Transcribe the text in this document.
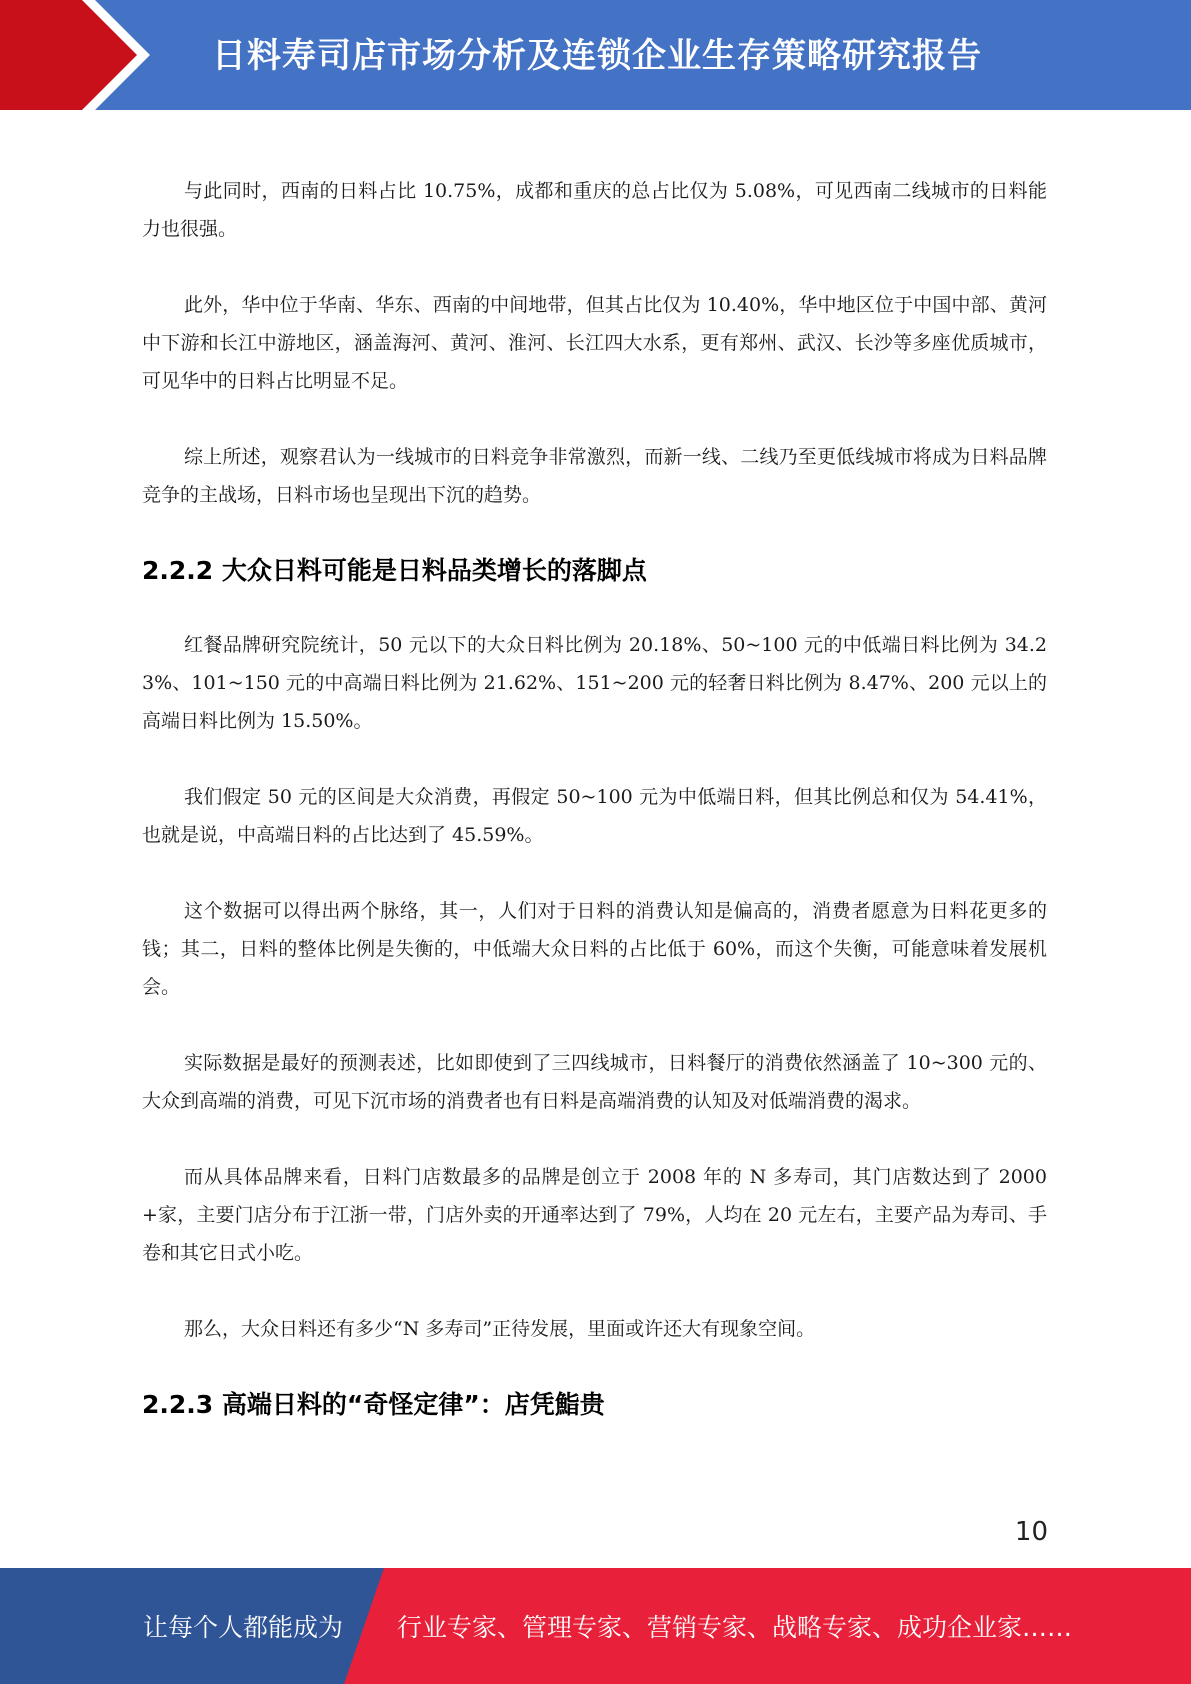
日料寿司店市场分析及连锁企业生存策略研究报告

与此同时，西南的日料占比 10.75%，成都和重庆的总占比仅为 5.08%，可见西南二线城市的日料能力也很强。

此外，华中位于华南、华东、西南的中间地带，但其占比仅为 10.40%，华中地区位于中国中部、黄河中下游和长江中游地区，涵盖海河、黄河、淮河、长江四大水系，更有郑州、武汉、长沙等多座优质城市，可见华中的日料占比明显不足。

综上所述，观察君认为一线城市的日料竞争非常激烈，而新一线、二线乃至更低线城市将成为日料品牌竞争的主战场，日料市场也呈现出下沉的趋势。

2.2.2 大众日料可能是日料品类增长的落脚点

红餐品牌研究院统计，50 元以下的大众日料比例为 20.18%、50~100 元的中低端日料比例为 34.23%、101~150 元的中高端日料比例为 21.62%、151~200 元的轻奢日料比例为 8.47%、200 元以上的高端日料比例为 15.50%。

我们假定 50 元的区间是大众消费，再假定 50~100 元为中低端日料，但其比例总和仅为 54.41%，也就是说，中高端日料的占比达到了 45.59%。

这个数据可以得出两个脉络，其一，人们对于日料的消费认知是偏高的，消费者愿意为日料花更多的钱；其二，日料的整体比例是失衡的，中低端大众日料的占比低于 60%，而这个失衡，可能意味着发展机会。

实际数据是最好的预测表述，比如即使到了三四线城市，日料餐厅的消费依然涵盖了 10~300 元的、大众到高端的消费，可见下沉市场的消费者也有日料是高端消费的认知及对低端消费的渴求。

而从具体品牌来看，日料门店数最多的品牌是创立于 2008 年的 N 多寿司，其门店数达到了 2000+家，主要门店分布于江浙一带，门店外卖的开通率达到了 79%，人均在 20 元左右，主要产品为寿司、手卷和其它日式小吃。

那么，大众日料还有多少“N 多寿司”正待发展，里面或许还大有现象空间。

2.2.3 高端日料的“奇怪定律”：店凭鮨贵
10
让每个人都能成为 行业专家、管理专家、营销专家、战略专家、成功企业家……
